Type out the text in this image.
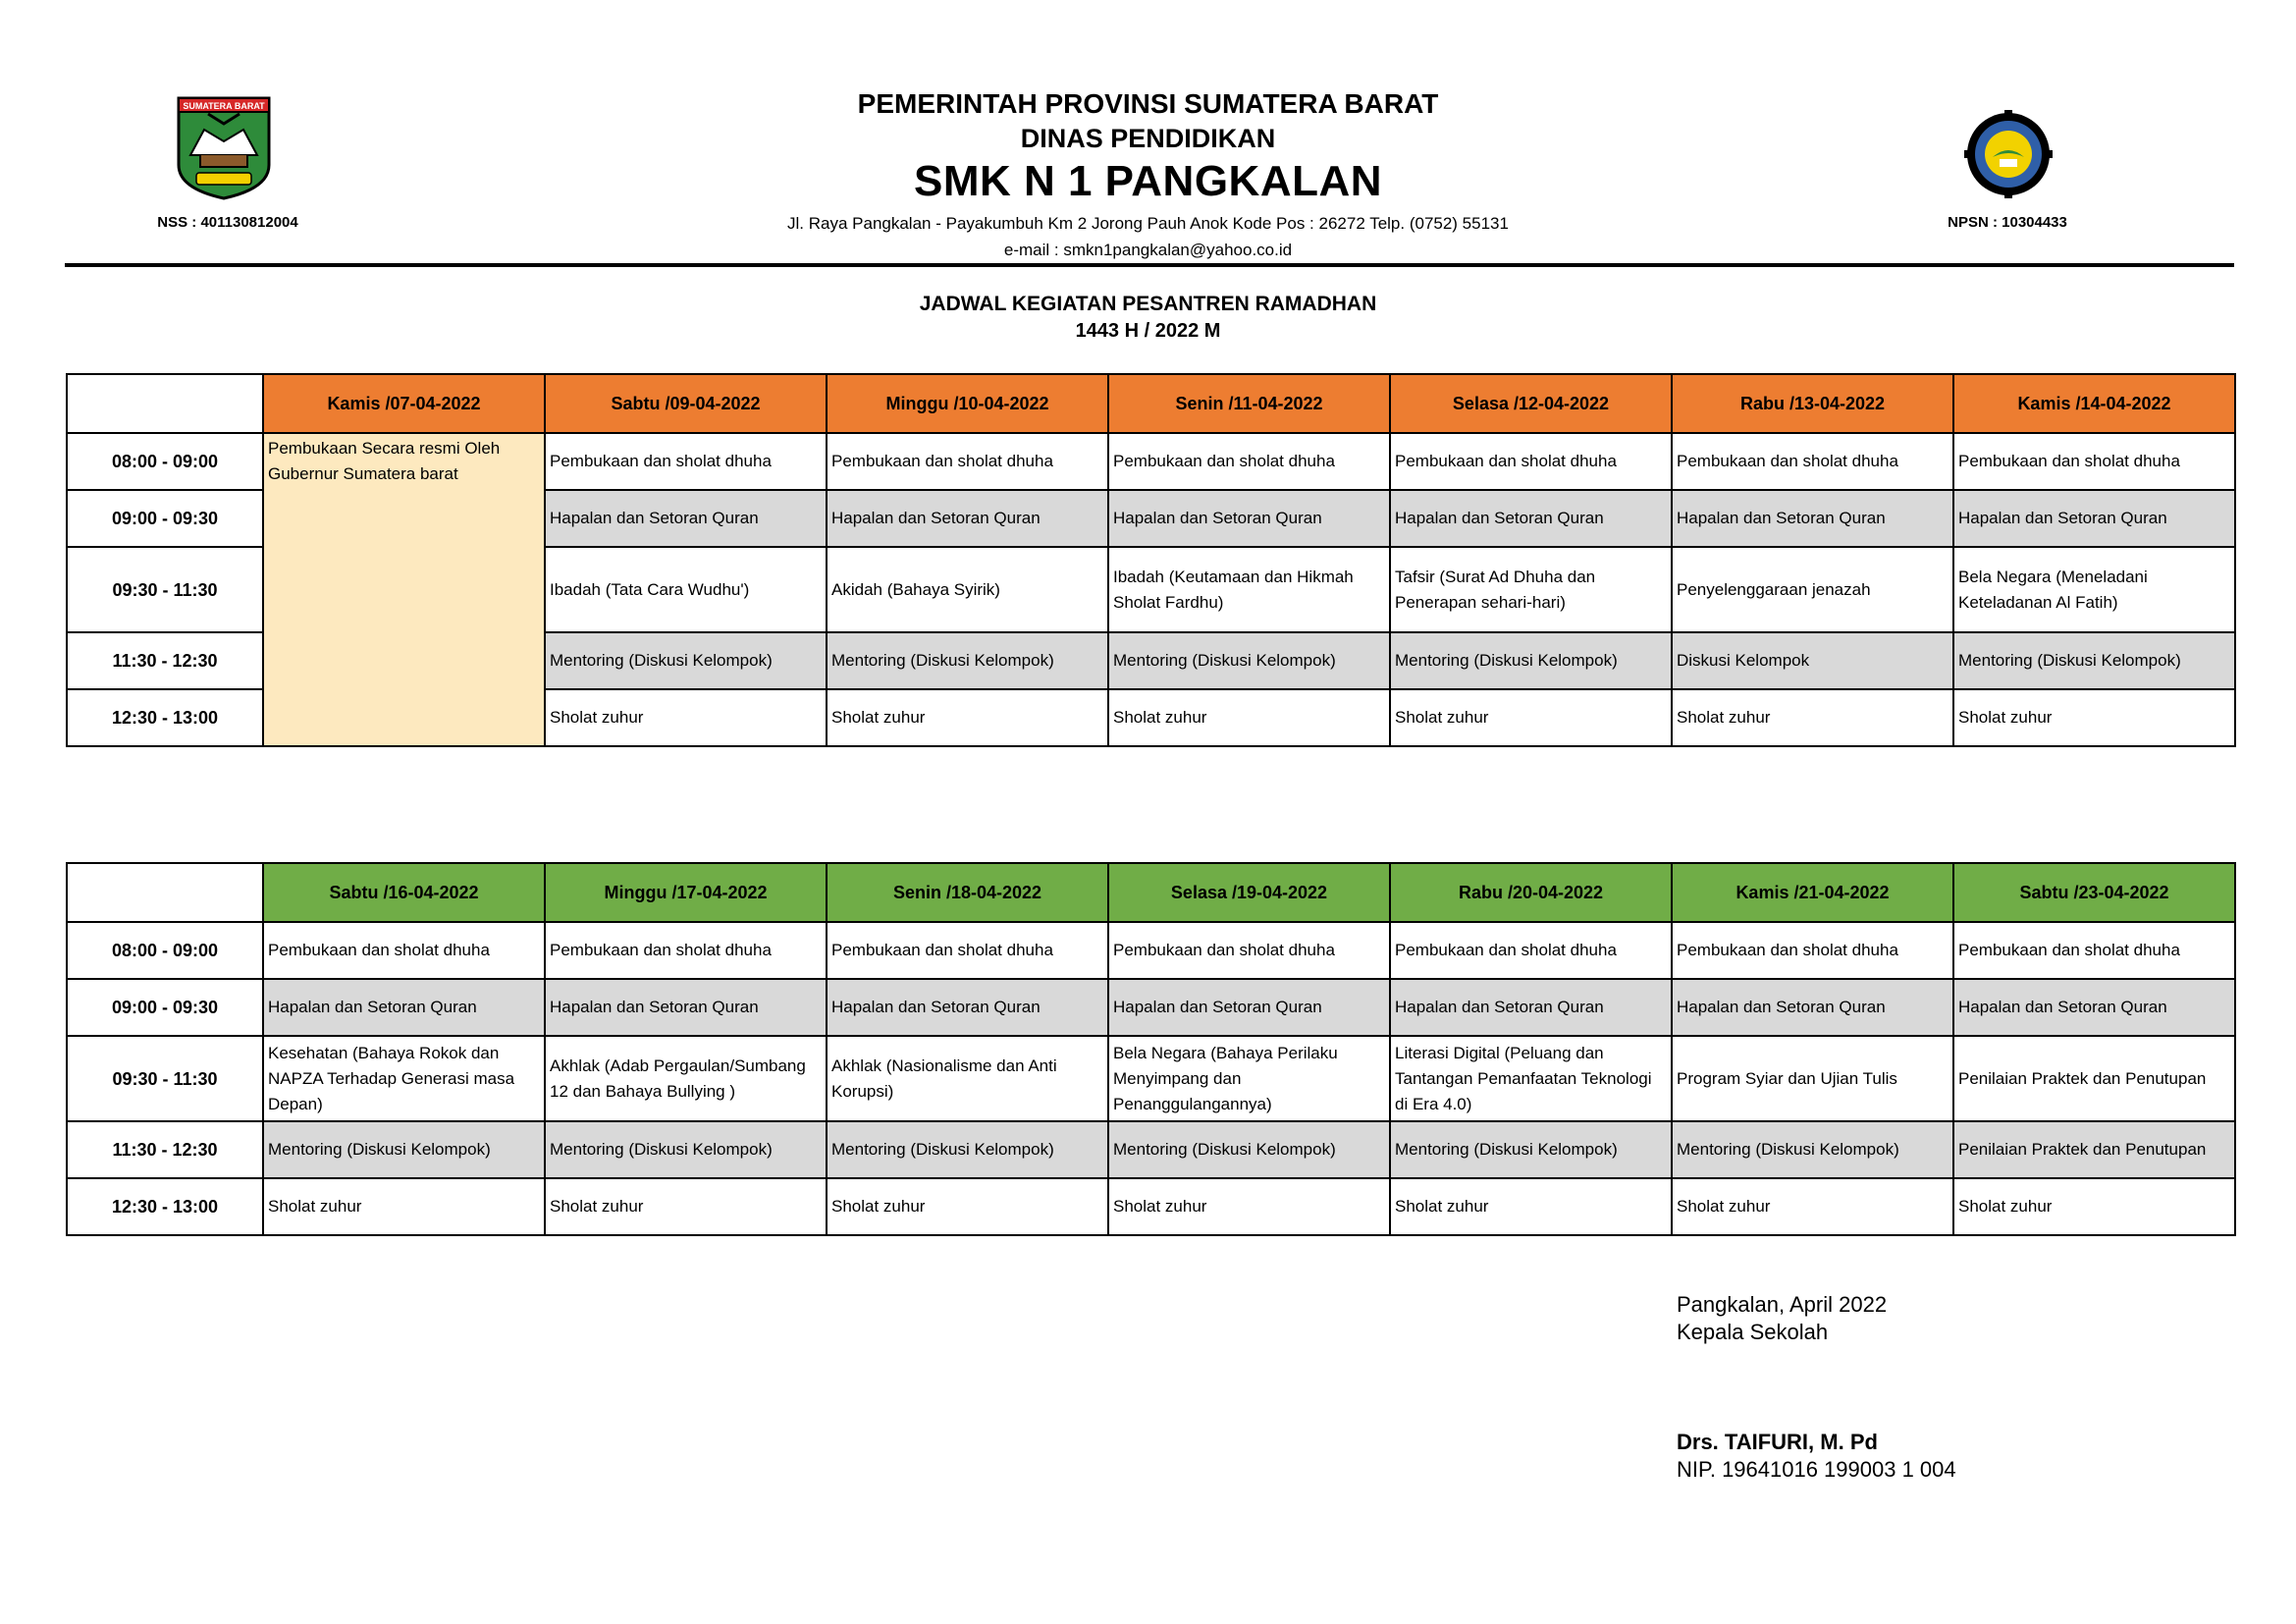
SUMATERA BARAT
NSS : 401130812004
PEMERINTAH PROVINSI SUMATERA BARAT
DINAS PENDIDIKAN
SMK N 1 PANGKALAN
Jl. Raya Pangkalan - Payakumbuh Km 2 Jorong Pauh Anok Kode Pos : 26272 Telp. (0752) 55131
e-mail : smkn1pangkalan@yahoo.co.id
NPSN : 10304433
JADWAL KEGIATAN PESANTREN RAMADHAN
1443 H / 2022 M
	Kamis /07-04-2022	Sabtu /09-04-2022	Minggu /10-04-2022	Senin /11-04-2022	Selasa /12-04-2022	Rabu /13-04-2022	Kamis /14-04-2022
08:00 - 09:00	Pembukaan Secara resmi Oleh Gubernur Sumatera barat	Pembukaan dan sholat dhuha	Pembukaan dan sholat dhuha	Pembukaan dan sholat dhuha	Pembukaan dan sholat dhuha	Pembukaan dan sholat dhuha	Pembukaan dan sholat dhuha
09:00 - 09:30		Hapalan dan Setoran Quran	Hapalan dan Setoran Quran	Hapalan dan Setoran Quran	Hapalan dan Setoran Quran	Hapalan dan Setoran Quran	Hapalan dan Setoran Quran
09:30 - 11:30		Ibadah (Tata Cara Wudhu')	Akidah (Bahaya Syirik)	Ibadah (Keutamaan dan Hikmah Sholat Fardhu)	Tafsir (Surat Ad Dhuha dan Penerapan sehari-hari)	Penyelenggaraan jenazah	Bela Negara (Meneladani Keteladanan Al Fatih)
11:30 - 12:30		Mentoring (Diskusi Kelompok)	Mentoring (Diskusi Kelompok)	Mentoring (Diskusi Kelompok)	Mentoring (Diskusi Kelompok)	Diskusi Kelompok	Mentoring (Diskusi Kelompok)
12:30 - 13:00		Sholat zuhur	Sholat zuhur	Sholat zuhur	Sholat zuhur	Sholat zuhur	Sholat zuhur
	Sabtu /16-04-2022	Minggu /17-04-2022	Senin /18-04-2022	Selasa /19-04-2022	Rabu /20-04-2022	Kamis /21-04-2022	Sabtu /23-04-2022
08:00 - 09:00	Pembukaan dan sholat dhuha	Pembukaan dan sholat dhuha	Pembukaan dan sholat dhuha	Pembukaan dan sholat dhuha	Pembukaan dan sholat dhuha	Pembukaan dan sholat dhuha	Pembukaan dan sholat dhuha
09:00 - 09:30	Hapalan dan Setoran Quran	Hapalan dan Setoran Quran	Hapalan dan Setoran Quran	Hapalan dan Setoran Quran	Hapalan dan Setoran Quran	Hapalan dan Setoran Quran	Hapalan dan Setoran Quran
09:30 - 11:30	Kesehatan (Bahaya Rokok dan NAPZA Terhadap Generasi masa Depan)	Akhlak (Adab Pergaulan/Sumbang 12 dan Bahaya Bullying )	Akhlak (Nasionalisme dan Anti Korupsi)	Bela Negara (Bahaya Perilaku Menyimpang dan Penanggulangannya)	Literasi Digital (Peluang dan Tantangan Pemanfaatan Teknologi di Era 4.0)	Program Syiar dan Ujian Tulis	Penilaian Praktek dan Penutupan
11:30 - 12:30	Mentoring (Diskusi Kelompok)	Mentoring (Diskusi Kelompok)	Mentoring (Diskusi Kelompok)	Mentoring (Diskusi Kelompok)	Mentoring (Diskusi Kelompok)	Mentoring (Diskusi Kelompok)	Penilaian Praktek dan Penutupan
12:30 - 13:00	Sholat zuhur	Sholat zuhur	Sholat zuhur	Sholat zuhur	Sholat zuhur	Sholat zuhur	Sholat zuhur
Pangkalan, April 2022
Kepala Sekolah
Drs. TAIFURI, M. Pd
NIP. 19641016 199003 1 004
